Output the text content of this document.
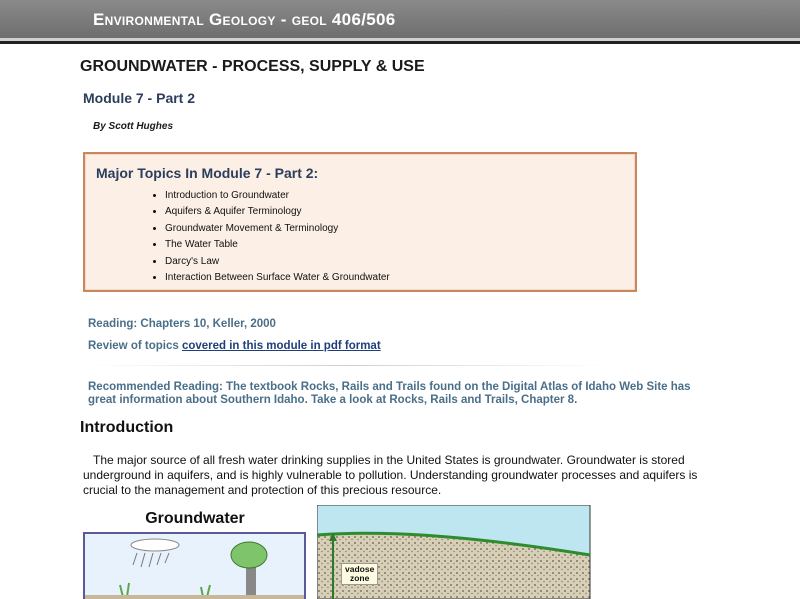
Environmental Geology - geol 406/506
GROUNDWATER - PROCESS, SUPPLY & USE
Module 7 - Part 2
By Scott Hughes
Major Topics In Module 7 - Part 2:
• Introduction to Groundwater
• Aquifers & Aquifer Terminology
• Groundwater Movement & Terminology
• The Water Table
• Darcy's Law
• Interaction Between Surface Water & Groundwater
Reading: Chapters 10, Keller, 2000
Review of topics covered in this module in pdf format
Recommended Reading: The textbook Rocks, Rails and Trails found on the Digital Atlas of Idaho Web Site has great information about Southern Idaho. Take a look at Rocks, Rails and Trails, Chapter 8.
Introduction

The major source of all fresh water drinking supplies in the United States is groundwater. Groundwater is stored underground in aquifers, and is highly vulnerable to pollution. Understanding groundwater processes and aquifers is crucial to the management and protection of this precious resource.

Groundwater
vadose
zone
